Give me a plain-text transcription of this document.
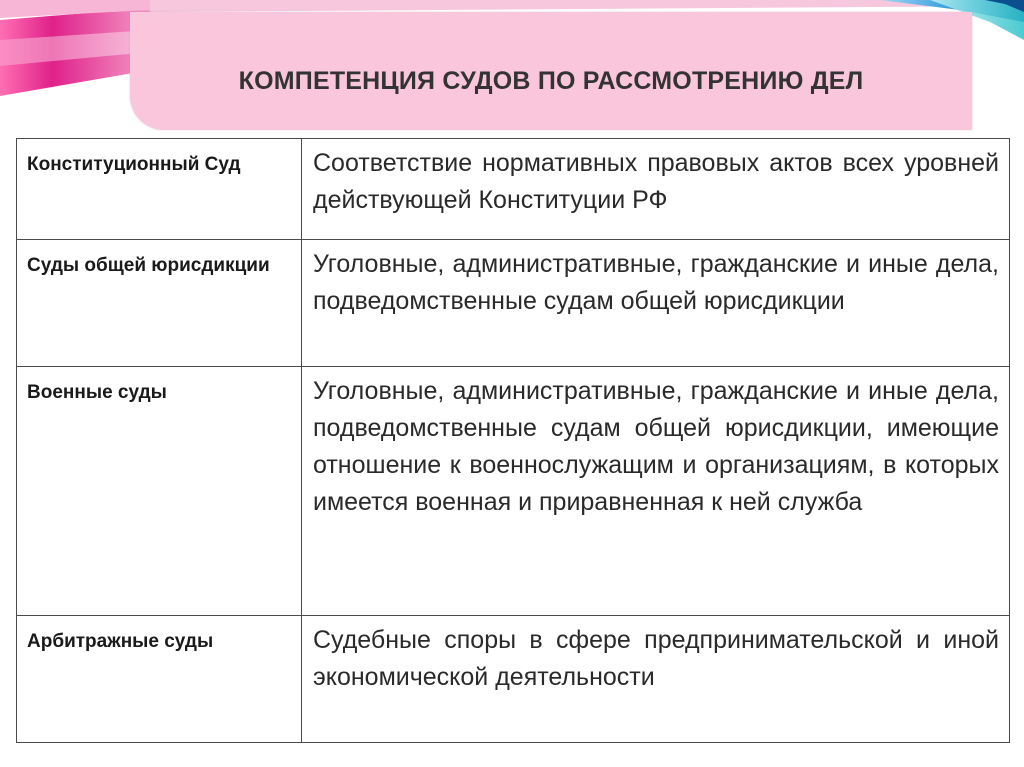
КОМПЕТЕНЦИЯ СУДОВ ПО РАССМОТРЕНИЮ ДЕЛ
Конституционный Суд	Соответствие нормативных правовых актов всех уровней действующей Конституции РФ

Суды общей юрисдикции	Уголовные, административные, гражданские и иные дела, подведомственные судам общей юрисдикции

Военные суды	Уголовные, административные, гражданские и иные дела, подведомственные судам общей юрисдикции, имеющие отношение к военнослужащим и организациям, в которых имеется военная и приравненная к ней служба

Арбитражные суды	Судебные споры в сфере предпринимательской и иной экономической деятельности
